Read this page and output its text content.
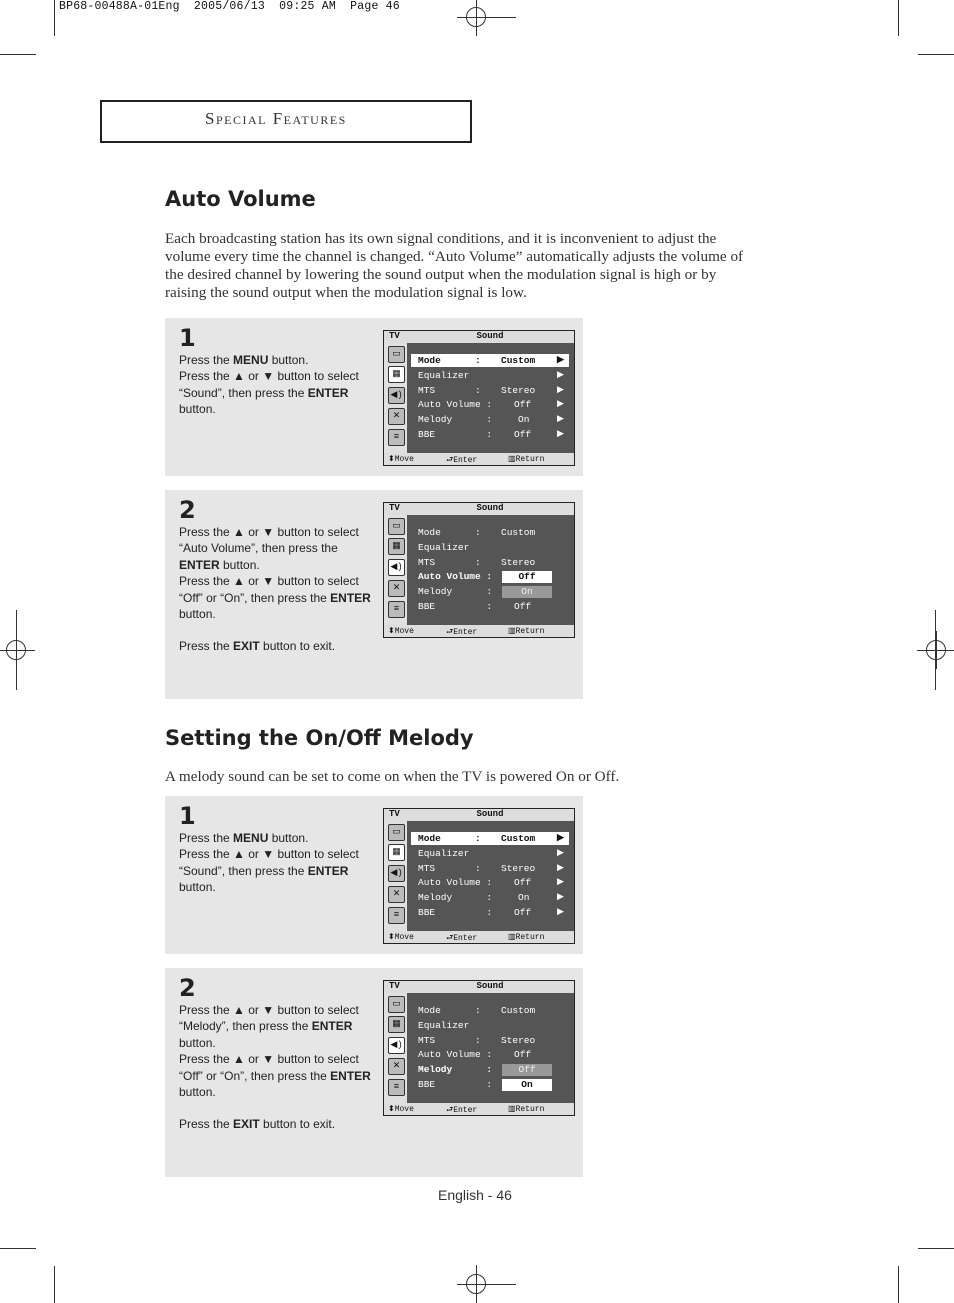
BP68-00488A-01Eng  2005/06/13  09:25 AM  Page 46
Special Features
Auto Volume
Each broadcasting station has its own signal conditions, and it is inconvenient to adjust the
volume every time the channel is changed. “Auto Volume” automatically adjusts the volume of
the desired channel by lowering the sound output when the modulation signal is high or by
raising the sound output when the modulation signal is low.
1

Press the MENU button.

Press the ▲ or ▼ button to select

“Sound”, then press the ENTER

button.

TV	Sound
▭
▦
◀)
✕
≡
Mode      : Custom ▶
Equalizer	▶
MTS       : Stereo ▶
Auto Volume : Off	▶
Melody      :	On	▶
BBE         : Off	▶
⬍Move	⮐Enter	▥Return
2

Press the ▲ or ▼ button to select

“Auto Volume”, then press the

ENTER button.

Press the ▲ or ▼ button to select

“Off” or “On”, then press the ENTER

button.

Press the EXIT button to exit.

TV	Sound
▭
▦
◀)
✕
≡
Mode      : Custom
Equalizer
MTS       : Stereo
Auto Volume :	Off
Melody      :	On
BBE         : Off
⬍Move	⮐Enter	▥Return
Setting the On/Off Melody
A melody sound can be set to come on when the TV is powered On or Off.
1

Press the MENU button.

Press the ▲ or ▼ button to select

“Sound”, then press the ENTER

button.

TV	Sound
▭
▦
◀)
✕
≡
Mode      : Custom ▶
Equalizer	▶
MTS       : Stereo ▶
Auto Volume : Off	▶
Melody      :	On	▶
BBE         : Off	▶
⬍Move	⮐Enter	▥Return
2

Press the ▲ or ▼ button to select

“Melody”, then press the ENTER

button.

Press the ▲ or ▼ button to select

“Off” or “On”, then press the ENTER

button.

Press the EXIT button to exit.

TV	Sound
▭
▦
◀)
✕
≡
Mode      : Custom
Equalizer
MTS       : Stereo
Auto Volume : Off
Melody      :	Off
BBE         :	On
⬍Move	⮐Enter	▥Return
English - 46
